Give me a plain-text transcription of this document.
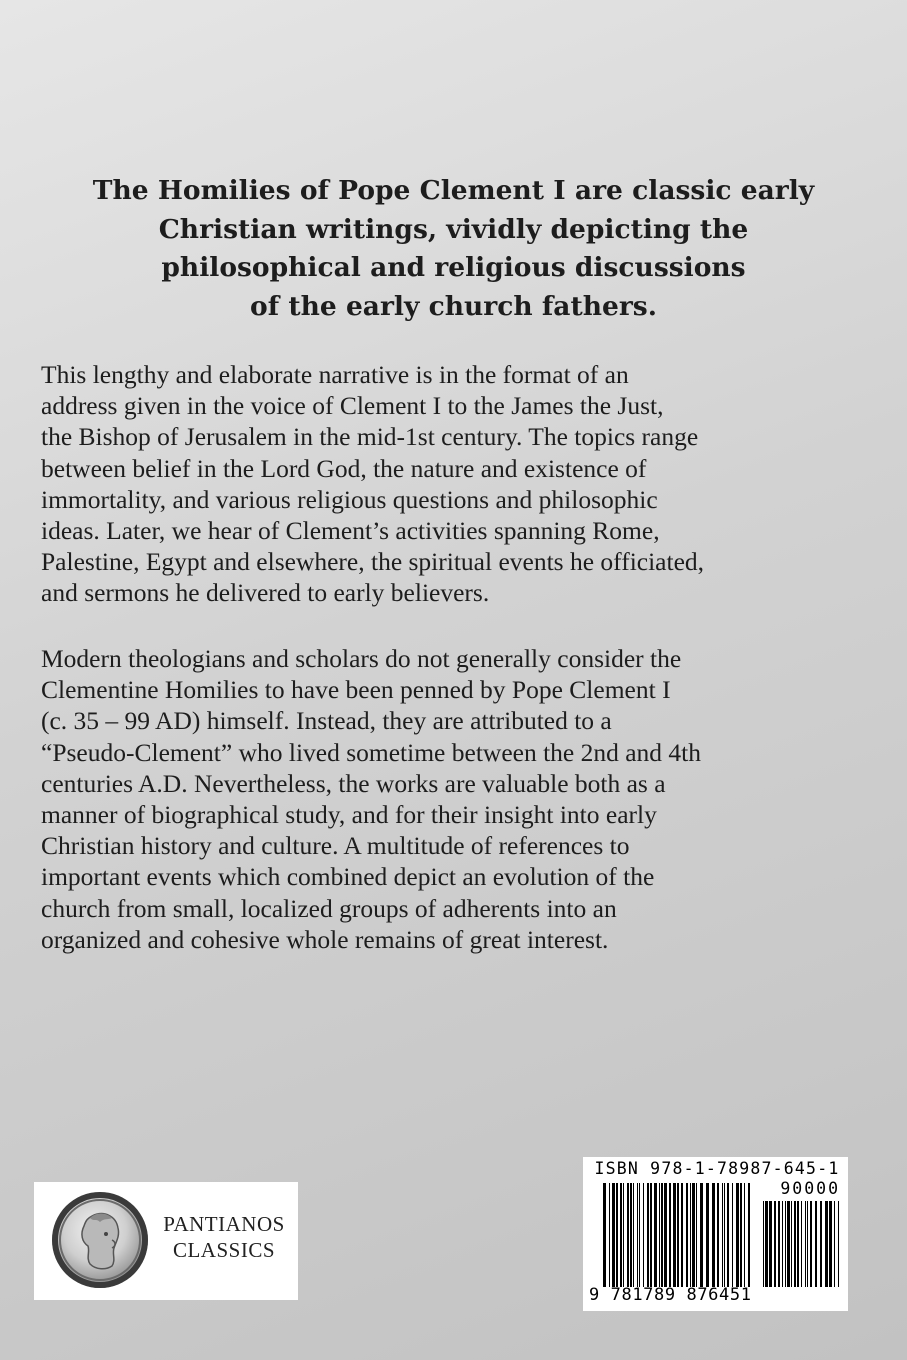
The Homilies of Pope Clement I are classic early
Christian writings, vividly depicting the
philosophical and religious discussions
of the early church fathers.
This lengthy and elaborate narrative is in the format of an
address given in the voice of Clement I to the James the Just,
the Bishop of Jerusalem in the mid-1st century. The topics range
between belief in the Lord God, the nature and existence of
immortality, and various religious questions and philosophic
ideas. Later, we hear of Clement’s activities spanning Rome,
Palestine, Egypt and elsewhere, the spiritual events he officiated,
and sermons he delivered to early believers.
Modern theologians and scholars do not generally consider the
Clementine Homilies to have been penned by Pope Clement I
(c. 35 – 99 AD) himself. Instead, they are attributed to a
“Pseudo-Clement” who lived sometime between the 2nd and 4th
centuries A.D. Nevertheless, the works are valuable both as a
manner of biographical study, and for their insight into early
Christian history and culture. A multitude of references to
important events which combined depict an evolution of the
church from small, localized groups of adherents into an
organized and cohesive whole remains of great interest.
PANTIANOS
CLASSICS
ISBN 978-1-78987-645-1
90000
9 781789 876451
